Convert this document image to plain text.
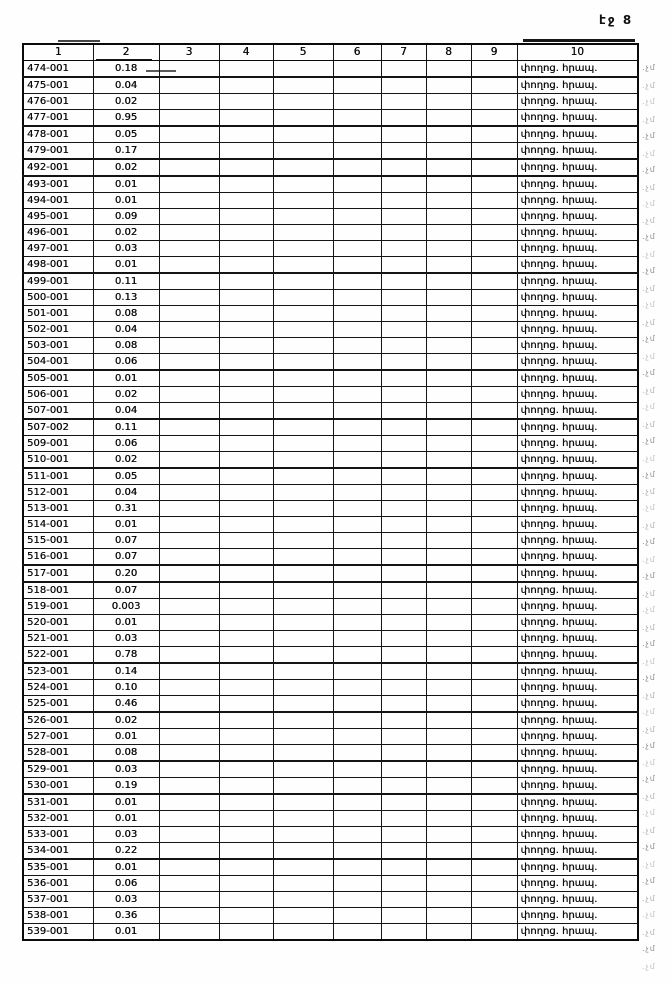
էջ 8
1	2	3	4	5	6	7	8	9	10
474-001	0.18								փողոց. հրապ.
475-001	0.04								փողոց. հրապ.
476-001	0.02								փողոց. հրապ.
477-001	0.95								փողոց. հրապ.
478-001	0.05								փողոց. հրապ.
479-001	0.17								փողոց. հրապ.
492-001	0.02								փողոց. հրապ.
493-001	0.01								փողոց. հրապ.
494-001	0.01								փողոց. հրապ.
495-001	0.09								փողոց. հրապ.
496-001	0.02								փողոց. հրապ.
497-001	0.03								փողոց. հրապ.
498-001	0.01								փողոց. հրապ.
499-001	0.11								փողոց. հրապ.
500-001	0.13								փողոց. հրապ.
501-001	0.08								փողոց. հրապ.
502-001	0.04								փողոց. հրապ.
503-001	0.08								փողոց. հրապ.
504-001	0.06								փողոց. հրապ.
505-001	0.01								փողոց. հրապ.
506-001	0.02								փողոց. հրապ.
507-001	0.04								փողոց. հրապ.
507-002	0.11								փողոց. հրապ.
509-001	0.06								փողոց. հրապ.
510-001	0.02								փողոց. հրապ.
511-001	0.05								փողոց. հրապ.
512-001	0.04								փողոց. հրապ.
513-001	0.31								փողոց. հրապ.
514-001	0.01								փողոց. հրապ.
515-001	0.07								փողոց. հրապ.
516-001	0.07								փողոց. հրապ.
517-001	0.20								փողոց. հրապ.
518-001	0.07								փողոց. հրապ.
519-001	0.003								փողոց. հրապ.
520-001	0.01								փողոց. հրապ.
521-001	0.03								փողոց. հրապ.
522-001	0.78								փողոց. հրապ.
523-001	0.14								փողոց. հրապ.
524-001	0.10								փողոց. հրապ.
525-001	0.46								փողոց. հրապ.
526-001	0.02								փողոց. հրապ.
527-001	0.01								փողոց. հրապ.
528-001	0.08								փողոց. հրապ.
529-001	0.03								փողոց. հրապ.
530-001	0.19								փողոց. հրապ.
531-001	0.01								փողոց. հրապ.
532-001	0.01								փողոց. հրապ.
533-001	0.03								փողոց. հրապ.
534-001	0.22								փողոց. հրապ.
535-001	0.01								փողոց. հրապ.
536-001	0.06								փողոց. հրապ.
537-001	0.03								փողոց. հրապ.
538-001	0.36								փողոց. հրապ.
539-001	0.01								փողոց. հրապ.
.չմ
.չմ
.չմ
.չմ
.չմ
.չմ
.չմ
.չմ
.չմ
.չմ
.չմ
.չմ
.չմ
.չմ
.չմ
.չմ
.չմ
.չմ
.չմ
.չմ
.չմ
.չմ
.չմ
.չմ
.չմ
.չմ
.չմ
.չմ
.չմ
.չմ
.չմ
.չմ
.չմ
.չմ
.չմ
.չմ
.չմ
.չմ
.չմ
.չմ
.չմ
.չմ
.չմ
.չմ
.չմ
.չմ
.չմ
.չմ
.չմ
.չմ
.չմ
.չմ
.չմ
.չմ
